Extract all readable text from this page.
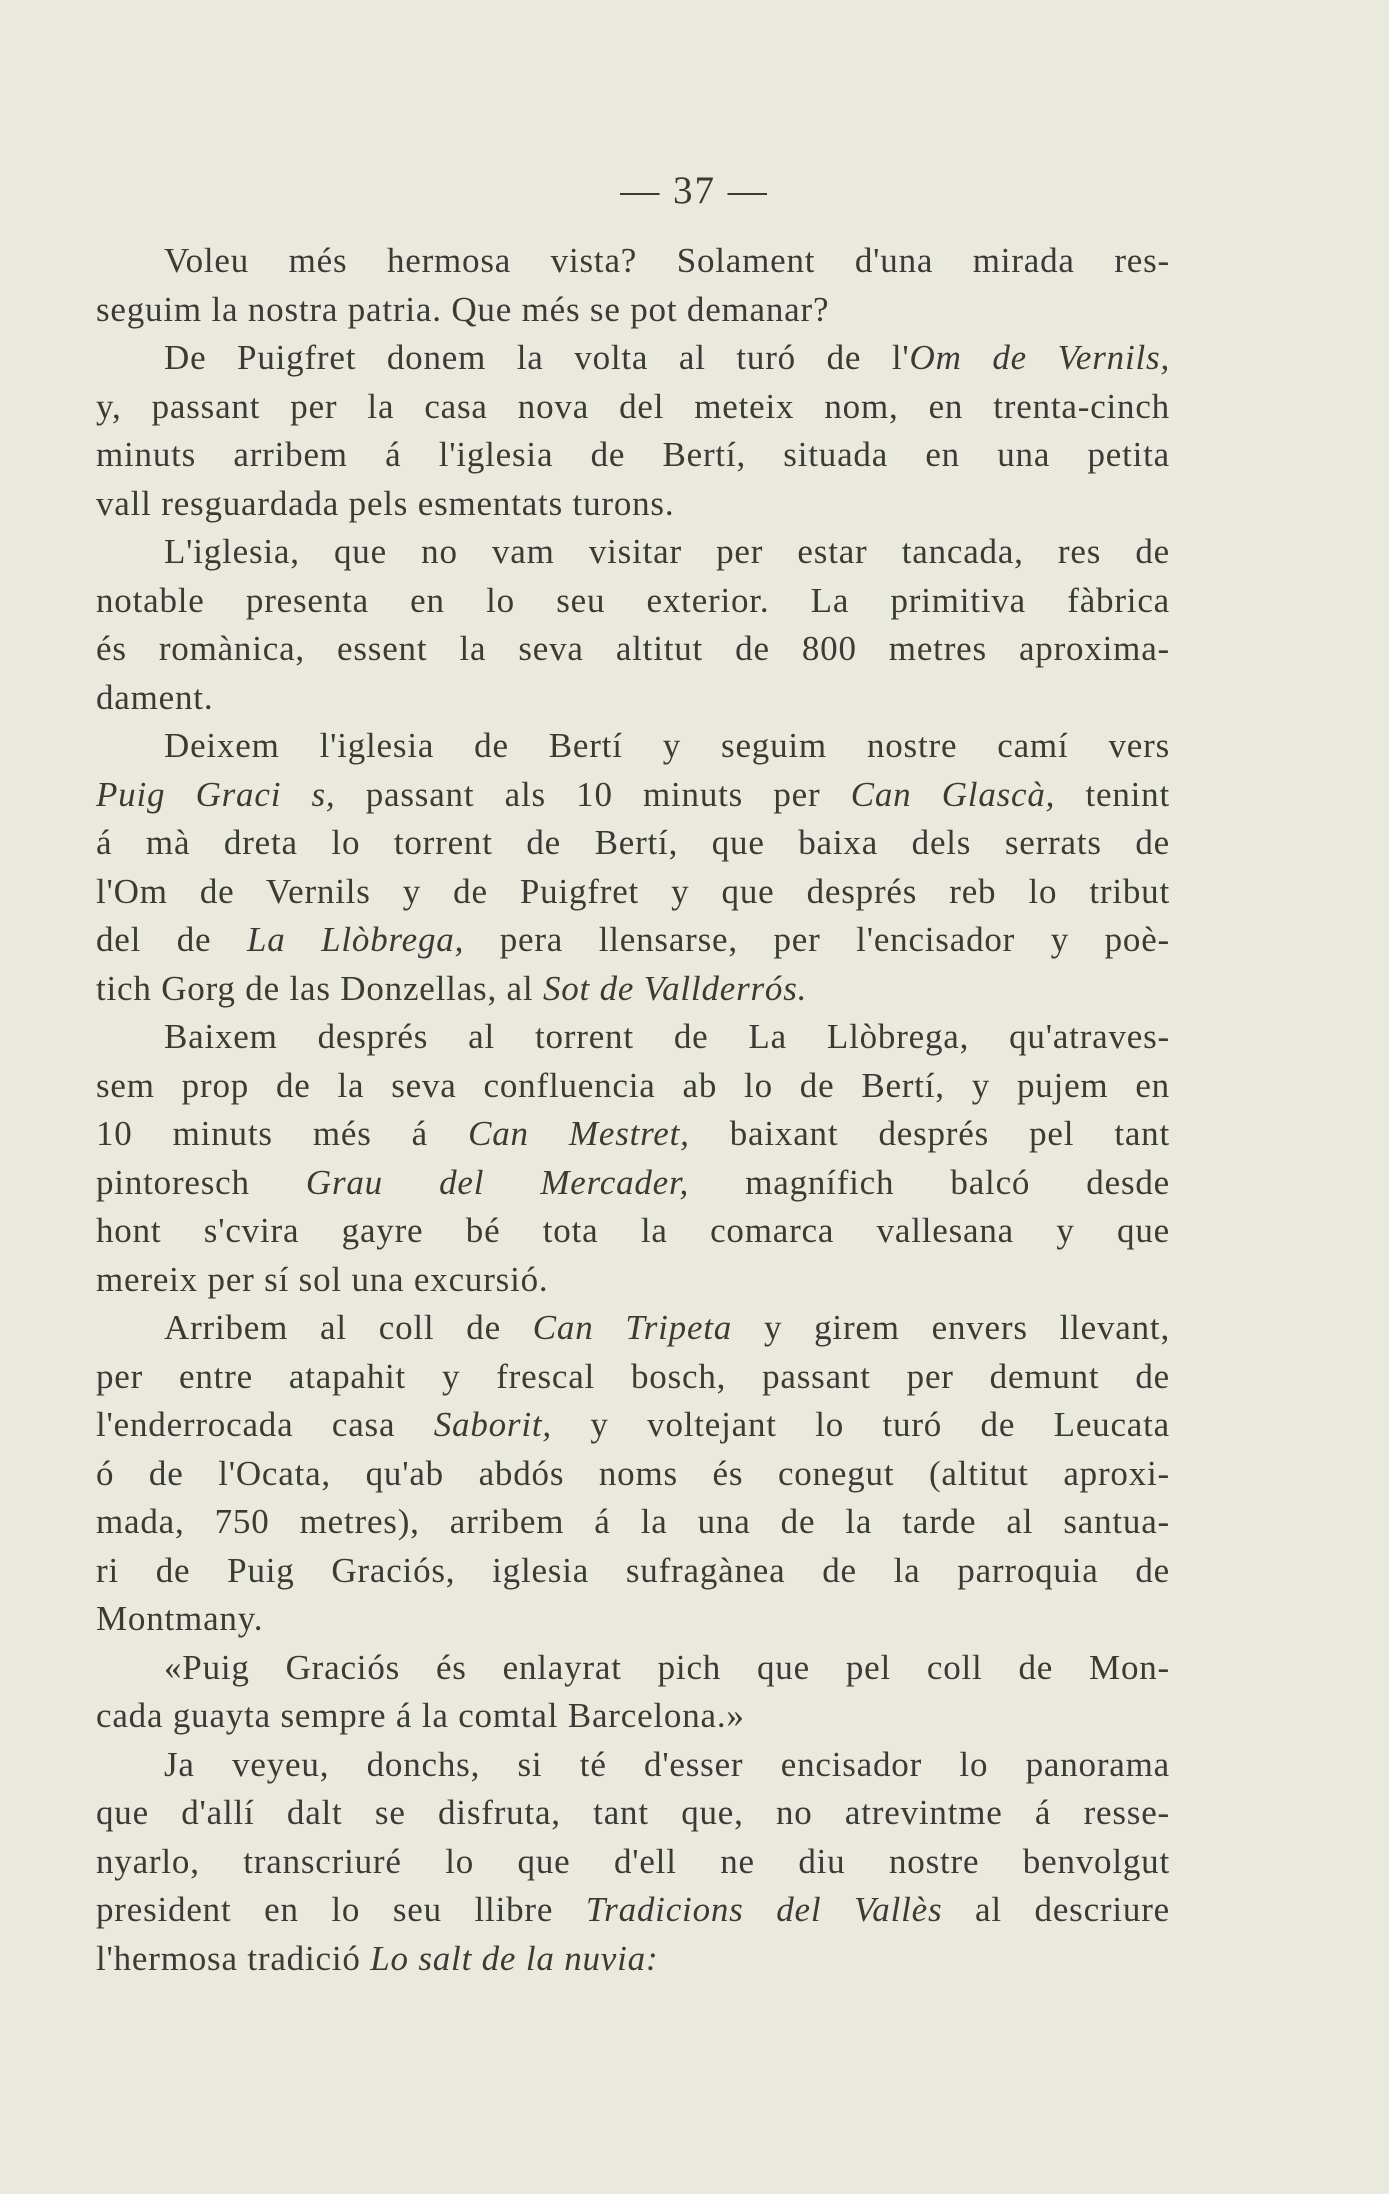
— 37 —
Voleu més hermosa vista? Solament d'una mirada res-
seguim la nostra patria. Que més se pot demanar?
De Puigfret donem la volta al turó de l'Om de Vernils,
y, passant per la casa nova del meteix nom, en trenta-cinch
minuts arribem á l'iglesia de Bertí, situada en una petita
vall resguardada pels esmentats turons.
L'iglesia, que no vam visitar per estar tancada, res de
notable presenta en lo seu exterior. La primitiva fàbrica
és romànica, essent la seva altitut de 800 metres aproxima-
dament.
Deixem l'iglesia de Bertí y seguim nostre camí vers
Puig Graci s, passant als 10 minuts per Can Glascà, tenint
á mà dreta lo torrent de Bertí, que baixa dels serrats de
l'Om de Vernils y de Puigfret y que després reb lo tribut
del de La Llòbrega, pera llensarse, per l'encisador y poè-
tich Gorg de las Donzellas, al Sot de Vallderrós.
Baixem després al torrent de La Llòbrega, qu'atraves-
sem prop de la seva confluencia ab lo de Bertí, y pujem en
10 minuts més á Can Mestret, baixant després pel tant
pintoresch Grau del Mercader, magnífich balcó desde
hont s'cvira gayre bé tota la comarca vallesana y que
mereix per sí sol una excursió.
Arribem al coll de Can Tripeta y girem envers llevant,
per entre atapahit y frescal bosch, passant per demunt de
l'enderrocada casa Saborit, y voltejant lo turó de Leucata
ó de l'Ocata, qu'ab abdós noms és conegut (altitut aproxi-
mada, 750 metres), arribem á la una de la tarde al santua-
ri de Puig Graciós, iglesia sufragànea de la parroquia de
Montmany.
«Puig Graciós és enlayrat pich que pel coll de Mon-
cada guayta sempre á la comtal Barcelona.»
Ja veyeu, donchs, si té d'esser encisador lo panorama
que d'allí dalt se disfruta, tant que, no atrevintme á resse-
nyarlo, transcriuré lo que d'ell ne diu nostre benvolgut
president en lo seu llibre Tradicions del Vallès al descriure
l'hermosa tradició Lo salt de la nuvia:
